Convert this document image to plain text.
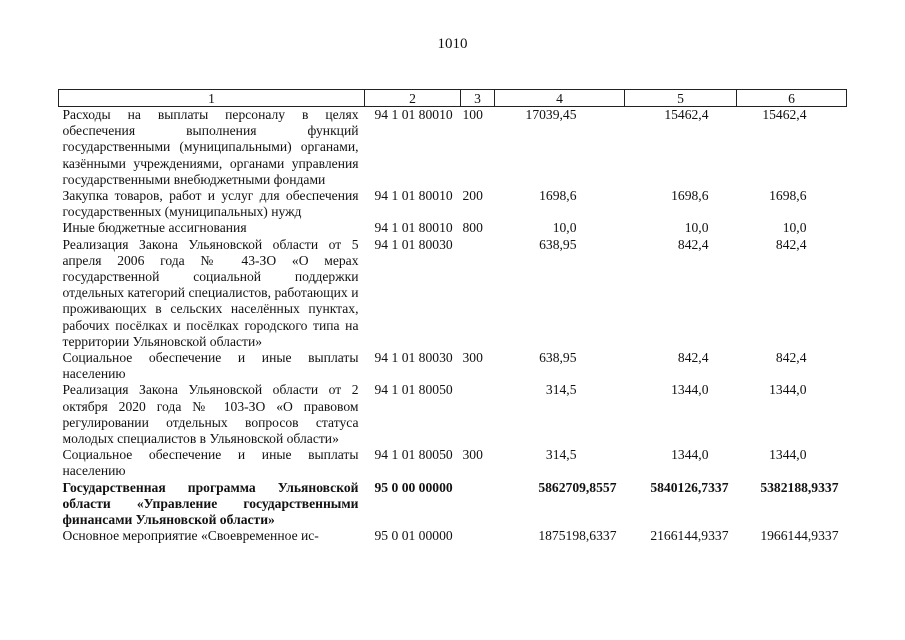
1010
1	2	3	4	5	6
Расходы на выплаты персоналу в целях обеспечения выполнения функций государственными (муниципальными) органами, казёнными учреждениями, органами управления государственными внебюджетными фондами	94 1 01 80010	100	17039,45	15462,4	15462,4
Закупка товаров, работ и услуг для обеспечения государственных (муниципальных) нужд	94 1 01 80010	200	1698,6	1698,6	1698,6
Иные бюджетные ассигнования	94 1 01 80010	800	10,0	10,0	10,0
Реализация Закона Ульяновской области от 5 апреля 2006 года № 43-ЗО «О мерах государственной социальной поддержки отдельных категорий специалистов, работающих и проживающих в сельских населённых пунктах, рабочих посёлках и посёлках городского типа на территории Ульяновской области»	94 1 01 80030		638,95	842,4	842,4
Социальное обеспечение и иные выплаты населению	94 1 01 80030	300	638,95	842,4	842,4
Реализация Закона Ульяновской области от 2 октября 2020 года № 103-ЗО «О правовом регулировании отдельных вопросов статуса молодых специалистов в Ульяновской области»	94 1 01 80050		314,5	1344,0	1344,0
Социальное обеспечение и иные выплаты населению	94 1 01 80050	300	314,5	1344,0	1344,0
Государственная программа Ульяновской области «Управление государственными финансами Ульяновской области»	95 0 00 00000		5862709,8557	5840126,7337	5382188,9337
Основное мероприятие «Своевременное ис-	95 0 01 00000		1875198,6337	2166144,9337	1966144,9337
